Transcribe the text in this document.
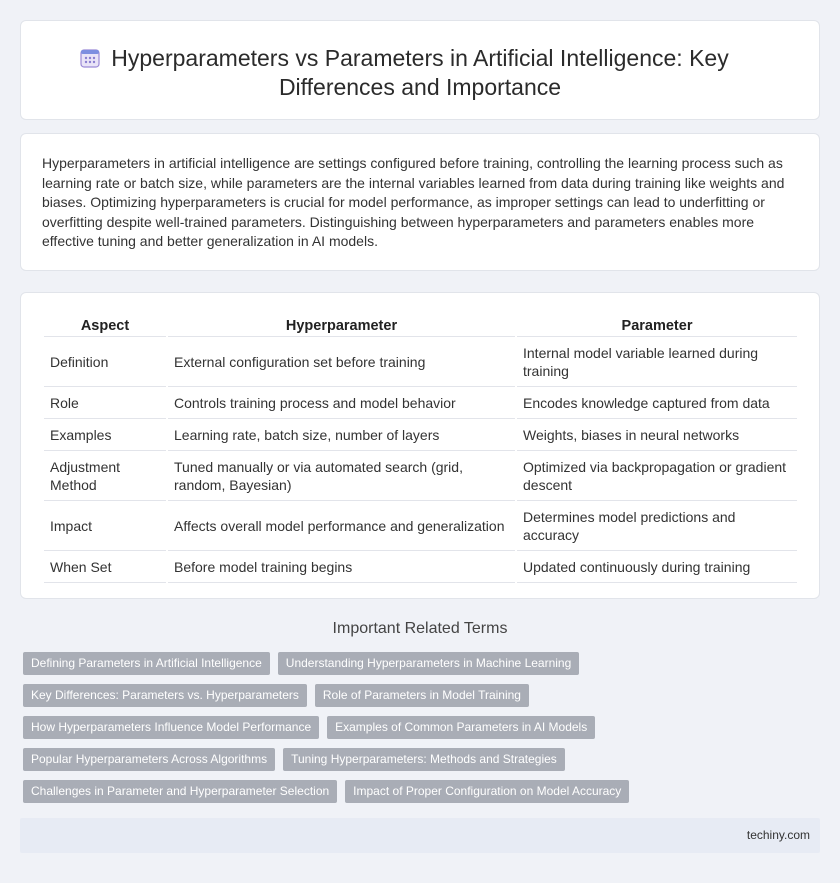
Hyperparameters vs Parameters in Artificial Intelligence: Key Differences and Importance

Hyperparameters in artificial intelligence are settings configured before training, controlling the learning process such as learning rate or batch size, while parameters are the internal variables learned from data during training like weights and biases. Optimizing hyperparameters is crucial for model performance, as improper settings can lead to underfitting or overfitting despite well-trained parameters. Distinguishing between hyperparameters and parameters enables more effective tuning and better generalization in AI models.

Aspect	Hyperparameter	Parameter
Definition	External configuration set before training	Internal model variable learned during training
Role	Controls training process and model behavior	Encodes knowledge captured from data
Examples	Learning rate, batch size, number of layers	Weights, biases in neural networks
Adjustment Method	Tuned manually or via automated search (grid, random, Bayesian)	Optimized via backpropagation or gradient descent
Impact	Affects overall model performance and generalization	Determines model predictions and accuracy
When Set	Before model training begins	Updated continuously during training
Important Related Terms
Defining Parameters in Artificial Intelligence	Understanding Hyperparameters in Machine Learning
Key Differences: Parameters vs. Hyperparameters	Role of Parameters in Model Training
How Hyperparameters Influence Model Performance	Examples of Common Parameters in AI Models
Popular Hyperparameters Across Algorithms	Tuning Hyperparameters: Methods and Strategies
Challenges in Parameter and Hyperparameter Selection	Impact of Proper Configuration on Model Accuracy
techiny.com
